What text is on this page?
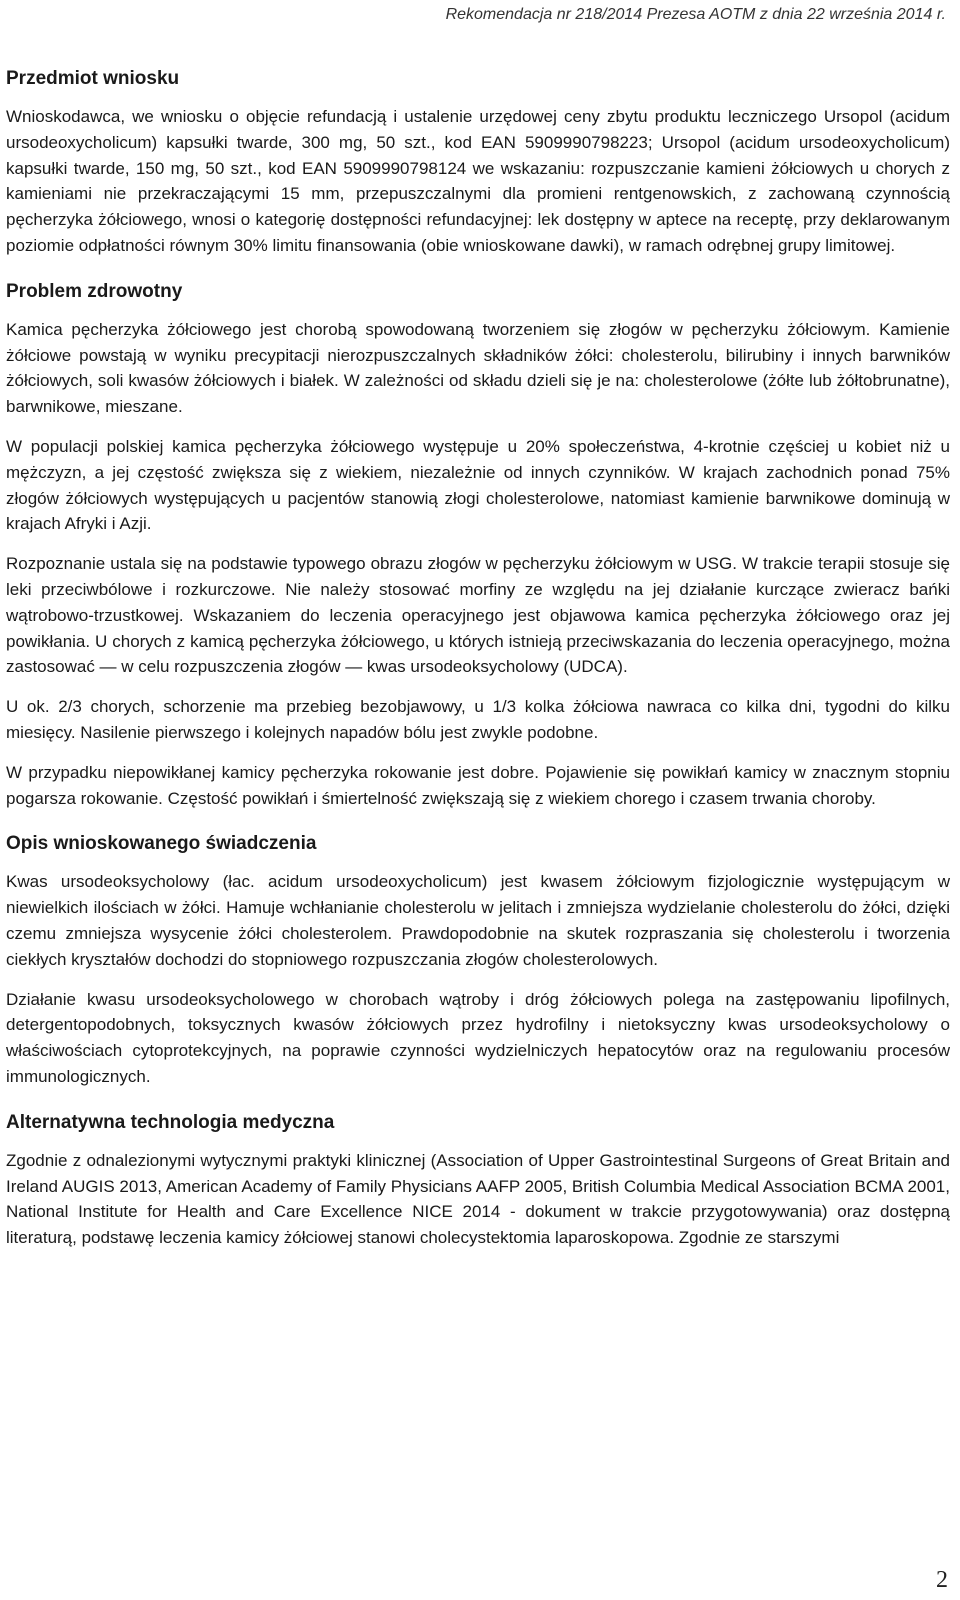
Rekomendacja nr 218/2014 Prezesa AOTM z dnia 22 września 2014 r.
Przedmiot wniosku

Wnioskodawca, we wniosku o objęcie refundacją i ustalenie urzędowej ceny zbytu produktu leczniczego Ursopol (acidum ursodeoxycholicum) kapsułki twarde, 300 mg, 50 szt., kod EAN 5909990798223; Ursopol (acidum ursodeoxycholicum) kapsułki twarde, 150 mg, 50 szt., kod EAN 5909990798124 we wskazaniu: rozpuszczanie kamieni żółciowych u chorych z kamieniami nie przekraczającymi 15 mm, przepuszczalnymi dla promieni rentgenowskich, z zachowaną czynnością pęcherzyka żółciowego, wnosi o kategorię dostępności refundacyjnej: lek dostępny w aptece na receptę, przy deklarowanym poziomie odpłatności równym 30% limitu finansowania (obie wnioskowane dawki), w ramach odrębnej grupy limitowej.

Problem zdrowotny

Kamica pęcherzyka żółciowego jest chorobą spowodowaną tworzeniem się złogów w pęcherzyku żółciowym. Kamienie żółciowe powstają w wyniku precypitacji nierozpuszczalnych składników żółci: cholesterolu, bilirubiny i innych barwników żółciowych, soli kwasów żółciowych i białek. W zależności od składu dzieli się je na: cholesterolowe (żółte lub żółtobrunatne), barwnikowe, mieszane.

W populacji polskiej kamica pęcherzyka żółciowego występuje u 20% społeczeństwa, 4-krotnie częściej u kobiet niż u mężczyzn, a jej częstość zwiększa się z wiekiem, niezależnie od innych czynników. W krajach zachodnich ponad 75% złogów żółciowych występujących u pacjentów stanowią złogi cholesterolowe, natomiast kamienie barwnikowe dominują w krajach Afryki i Azji.

Rozpoznanie ustala się na podstawie typowego obrazu złogów w pęcherzyku żółciowym w USG. W trakcie terapii stosuje się leki przeciwbólowe i rozkurczowe. Nie należy stosować morfiny ze względu na jej działanie kurczące zwieracz bańki wątrobowo-trzustkowej. Wskazaniem do leczenia operacyjnego jest objawowa kamica pęcherzyka żółciowego oraz jej powikłania. U chorych z kamicą pęcherzyka żółciowego, u których istnieją przeciwskazania do leczenia operacyjnego, można zastosować — w celu rozpuszczenia złogów — kwas ursodeoksycholowy (UDCA).

U ok. 2/3 chorych, schorzenie ma przebieg bezobjawowy, u 1/3 kolka żółciowa nawraca co kilka dni, tygodni do kilku miesięcy. Nasilenie pierwszego i kolejnych napadów bólu jest zwykle podobne.

W przypadku niepowikłanej kamicy pęcherzyka rokowanie jest dobre. Pojawienie się powikłań kamicy w znacznym stopniu pogarsza rokowanie. Częstość powikłań i śmiertelność zwiększają się z wiekiem chorego i czasem trwania choroby.

Opis wnioskowanego świadczenia

Kwas ursodeoksycholowy (łac. acidum ursodeoxycholicum) jest kwasem żółciowym fizjologicznie występującym w niewielkich ilościach w żółci. Hamuje wchłanianie cholesterolu w jelitach i zmniejsza wydzielanie cholesterolu do żółci, dzięki czemu zmniejsza wysycenie żółci cholesterolem. Prawdopodobnie na skutek rozpraszania się cholesterolu i tworzenia ciekłych kryształów dochodzi do stopniowego rozpuszczania złogów cholesterolowych.

Działanie kwasu ursodeoksycholowego w chorobach wątroby i dróg żółciowych polega na zastępowaniu lipofilnych, detergentopodobnych, toksycznych kwasów żółciowych przez hydrofilny i nietoksyczny kwas ursodeoksycholowy o właściwościach cytoprotekcyjnych, na poprawie czynności wydzielniczych hepatocytów oraz na regulowaniu procesów immunologicznych.

Alternatywna technologia medyczna

Zgodnie z odnalezionymi wytycznymi praktyki klinicznej (Association of Upper Gastrointestinal Surgeons of Great Britain and Ireland AUGIS 2013, American Academy of Family Physicians AAFP 2005, British Columbia Medical Association BCMA 2001, National Institute for Health and Care Excellence NICE 2014 - dokument w trakcie przygotowywania) oraz dostępną literaturą, podstawę leczenia kamicy żółciowej stanowi cholecystektomia laparoskopowa. Zgodnie ze starszymi

2
